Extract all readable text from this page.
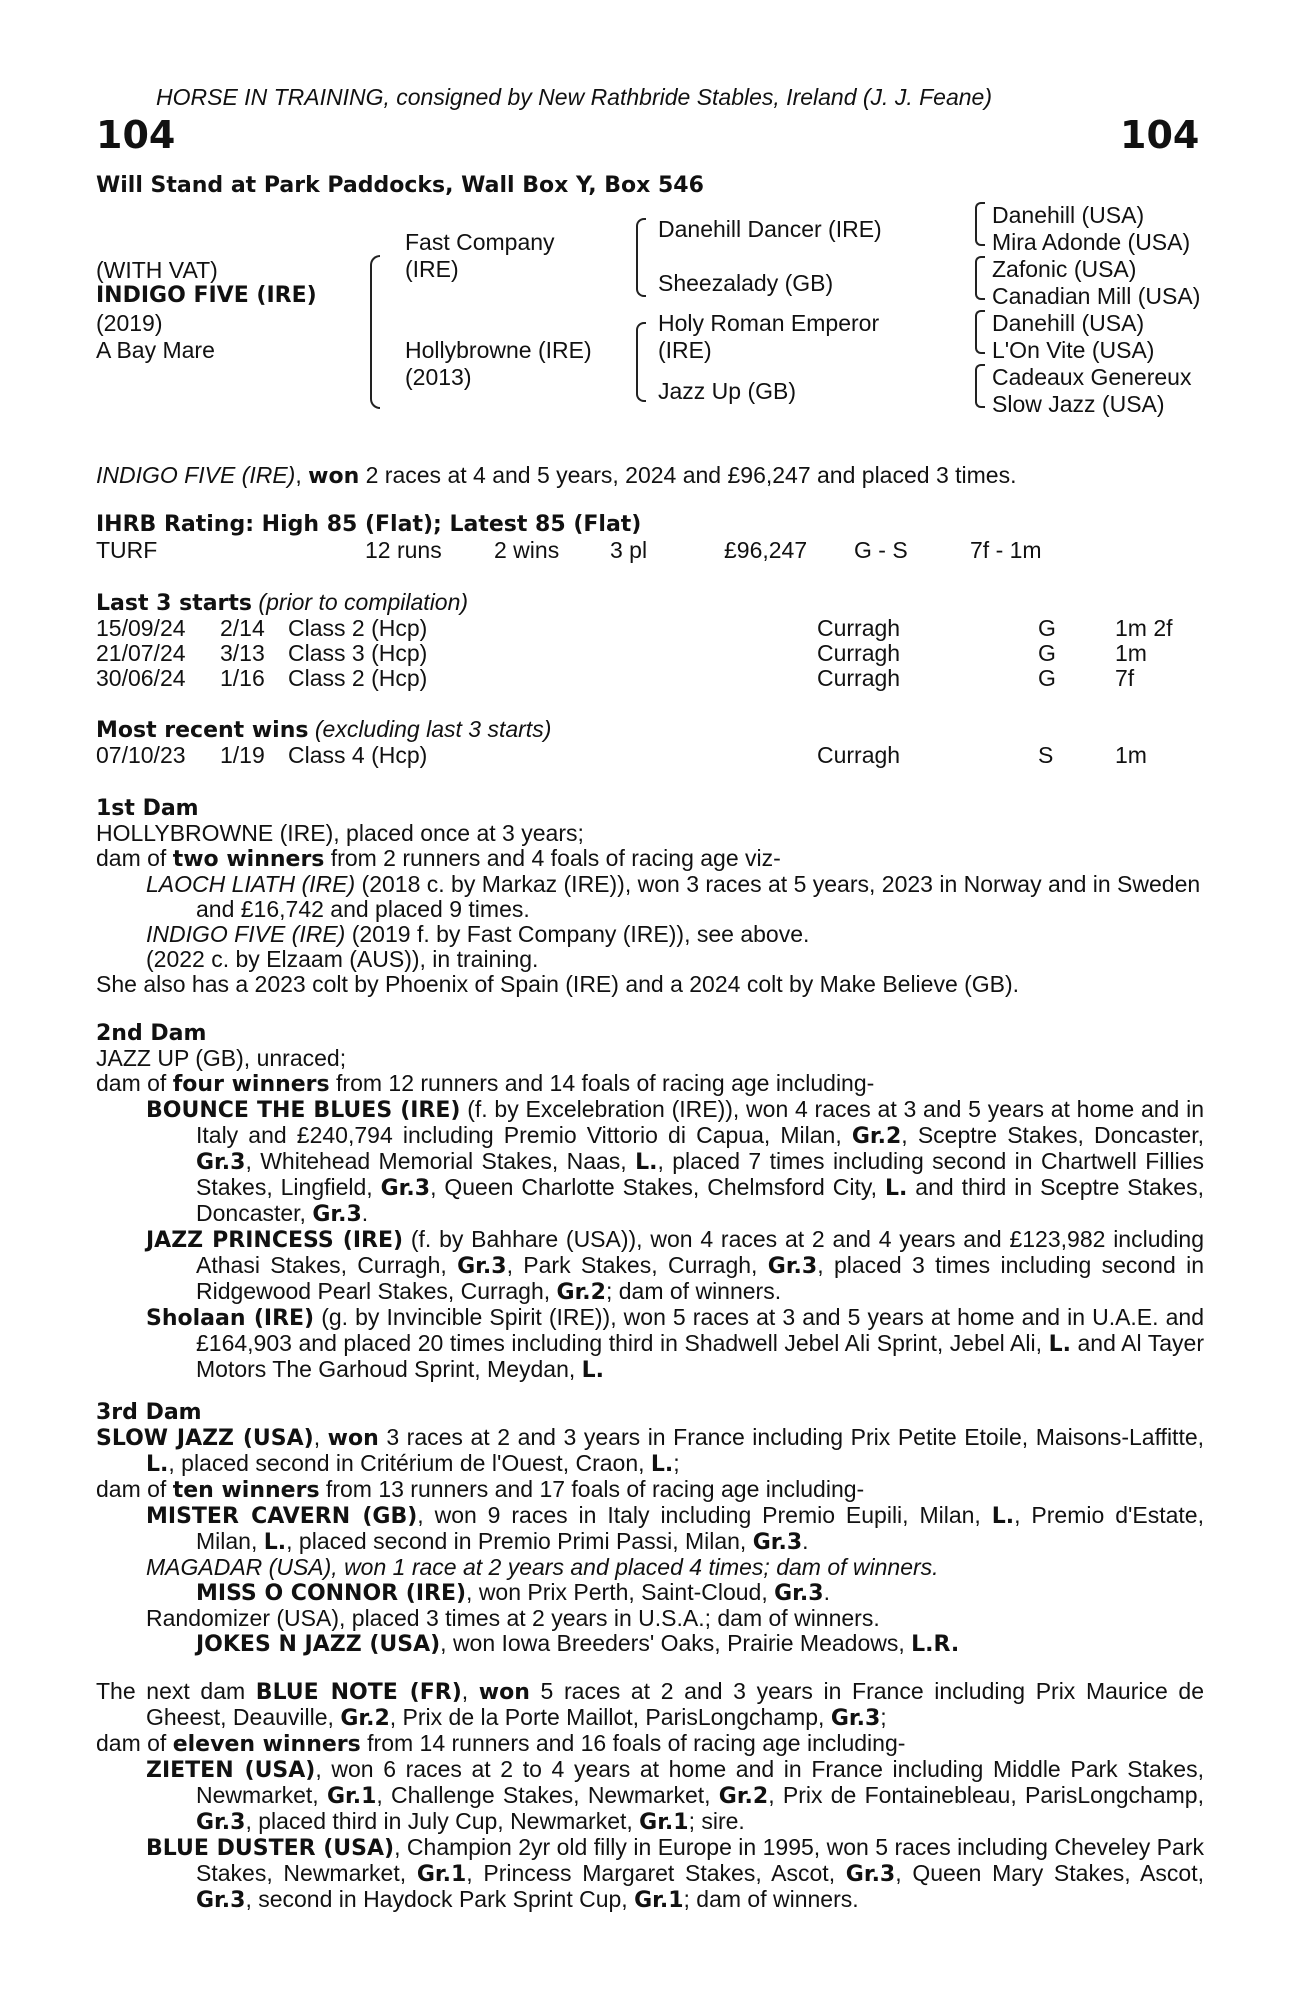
HORSE IN TRAINING, consigned by New Rathbride Stables, Ireland (J. J. Feane)
104	104
Will Stand at Park Paddocks, Wall Box Y, Box 546
(WITH VAT)
INDIGO FIVE (IRE)
(2019)
A Bay Mare
Fast Company
(IRE)
Hollybrowne (IRE)
(2013)
Danehill Dancer (IRE)
Sheezalady (GB)
Holy Roman Emperor
(IRE)
Jazz Up (GB)
Danehill (USA)
Mira Adonde (USA)
Zafonic (USA)
Canadian Mill (USA)
Danehill (USA)
L'On Vite (USA)
Cadeaux Genereux
Slow Jazz (USA)
INDIGO FIVE (IRE), won 2 races at 4 and 5 years, 2024 and £96,247 and placed 3 times.
IHRB Rating: High 85 (Flat); Latest 85 (Flat)
TURF	12 runs 2 wins 3 pl	£96,247 G - S	7f - 1m
Last 3 starts (prior to compilation)
15/09/24 2/14 Class 2 (Hcp)	Curragh	G	1m 2f
21/07/24 3/13 Class 3 (Hcp)	Curragh	G	1m
30/06/24 1/16 Class 2 (Hcp)	Curragh	G	7f
Most recent wins (excluding last 3 starts)
07/10/23 1/19 Class 4 (Hcp)	Curragh	S	1m
1st Dam
HOLLYBROWNE (IRE), placed once at 3 years;
dam of two winners from 2 runners and 4 foals of racing age viz-
LAOCH LIATH (IRE) (2018 c. by Markaz (IRE)), won 3 races at 5 years, 2023 in Norway and in Sweden and £16,742 and placed 9 times.
INDIGO FIVE (IRE) (2019 f. by Fast Company (IRE)), see above.
(2022 c. by Elzaam (AUS)), in training.
She also has a 2023 colt by Phoenix of Spain (IRE) and a 2024 colt by Make Believe (GB).
2nd Dam
JAZZ UP (GB), unraced;
dam of four winners from 12 runners and 14 foals of racing age including-
BOUNCE THE BLUES (IRE) (f. by Excelebration (IRE)), won 4 races at 3 and 5 years at home and in Italy and £240,794 including Premio Vittorio di Capua, Milan, Gr.2, Sceptre Stakes, Doncaster, Gr.3, Whitehead Memorial Stakes, Naas, L., placed 7 times including second in Chartwell Fillies Stakes, Lingfield, Gr.3, Queen Charlotte Stakes, Chelmsford City, L. and third in Sceptre Stakes, Doncaster, Gr.3.
JAZZ PRINCESS (IRE) (f. by Bahhare (USA)), won 4 races at 2 and 4 years and £123,982 including Athasi Stakes, Curragh, Gr.3, Park Stakes, Curragh, Gr.3, placed 3 times including second in Ridgewood Pearl Stakes, Curragh, Gr.2; dam of winners.
Sholaan (IRE) (g. by Invincible Spirit (IRE)), won 5 races at 3 and 5 years at home and in U.A.E. and £164,903 and placed 20 times including third in Shadwell Jebel Ali Sprint, Jebel Ali, L. and Al Tayer Motors The Garhoud Sprint, Meydan, L.
3rd Dam
SLOW JAZZ (USA), won 3 races at 2 and 3 years in France including Prix Petite Etoile, Maisons-Laffitte, L., placed second in Critérium de l'Ouest, Craon, L.;
dam of ten winners from 13 runners and 17 foals of racing age including-
MISTER CAVERN (GB), won 9 races in Italy including Premio Eupili, Milan, L., Premio d'Estate, Milan, L., placed second in Premio Primi Passi, Milan, Gr.3.
MAGADAR (USA), won 1 race at 2 years and placed 4 times; dam of winners.
MISS O CONNOR (IRE), won Prix Perth, Saint-Cloud, Gr.3.
Randomizer (USA), placed 3 times at 2 years in U.S.A.; dam of winners.
JOKES N JAZZ (USA), won Iowa Breeders' Oaks, Prairie Meadows, L.R.
The next dam BLUE NOTE (FR), won 5 races at 2 and 3 years in France including Prix Maurice de Gheest, Deauville, Gr.2, Prix de la Porte Maillot, ParisLongchamp, Gr.3;
dam of eleven winners from 14 runners and 16 foals of racing age including-
ZIETEN (USA), won 6 races at 2 to 4 years at home and in France including Middle Park Stakes, Newmarket, Gr.1, Challenge Stakes, Newmarket, Gr.2, Prix de Fontainebleau, ParisLongchamp, Gr.3, placed third in July Cup, Newmarket, Gr.1; sire.
BLUE DUSTER (USA), Champion 2yr old filly in Europe in 1995, won 5 races including Cheveley Park Stakes, Newmarket, Gr.1, Princess Margaret Stakes, Ascot, Gr.3, Queen Mary Stakes, Ascot, Gr.3, second in Haydock Park Sprint Cup, Gr.1; dam of winners.
